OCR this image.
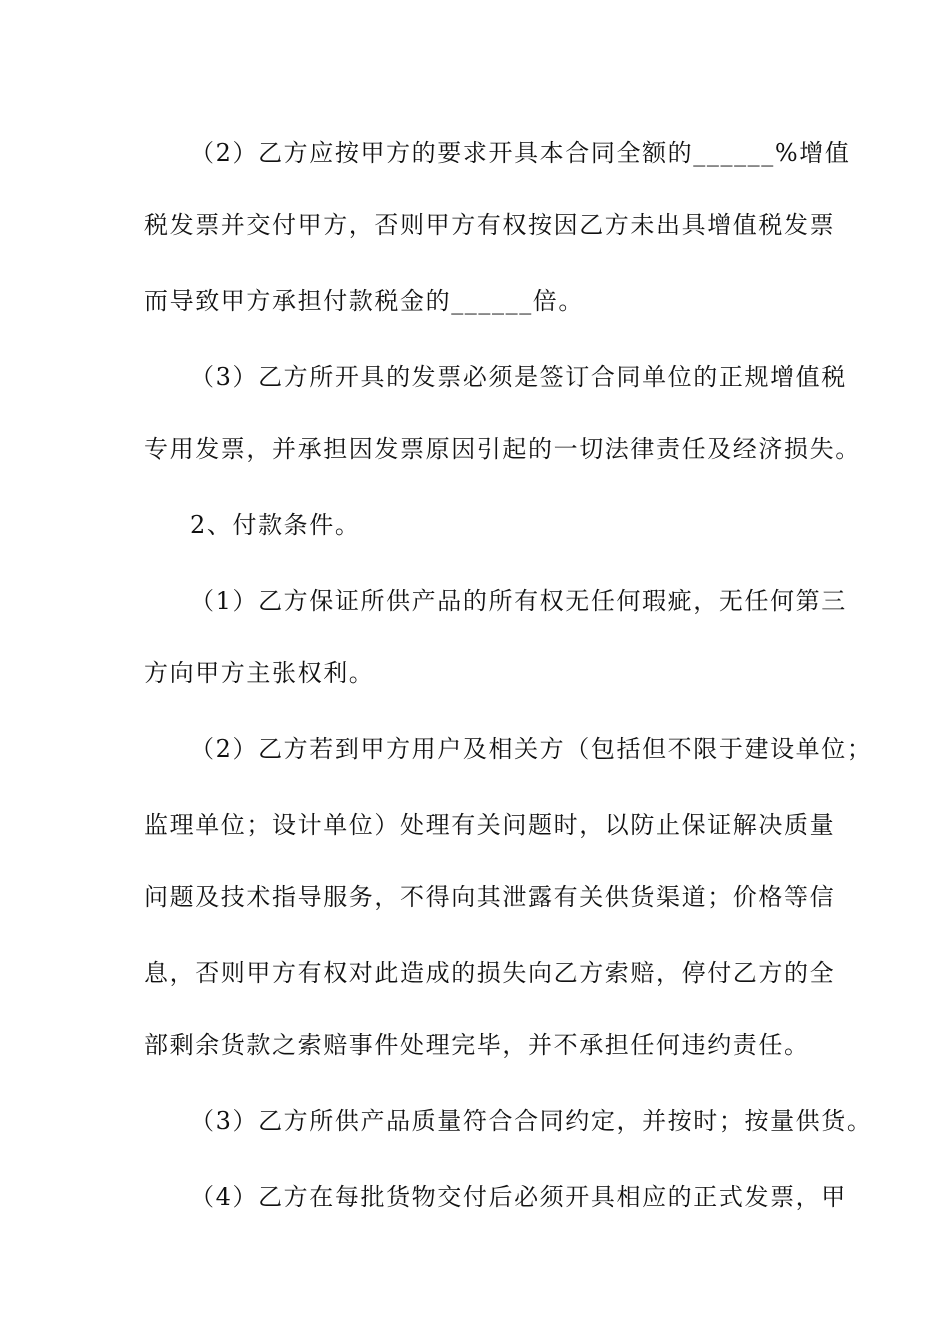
（2）乙方应按甲方的要求开具本合同全额的______%增值
税发票并交付甲方，否则甲方有权按因乙方未出具增值税发票
而导致甲方承担付款税金的______倍。
（3）乙方所开具的发票必须是签订合同单位的正规增值税
专用发票，并承担因发票原因引起的一切法律责任及经济损失。
2、付款条件。
（1）乙方保证所供产品的所有权无任何瑕疵，无任何第三
方向甲方主张权利。
（2）乙方若到甲方用户及相关方（包括但不限于建设单位；
监理单位；设计单位）处理有关问题时，以防止保证解决质量
问题及技术指导服务，不得向其泄露有关供货渠道；价格等信
息，否则甲方有权对此造成的损失向乙方索赔，停付乙方的全
部剩余货款之索赔事件处理完毕，并不承担任何违约责任。
（3）乙方所供产品质量符合合同约定，并按时；按量供货。
（4）乙方在每批货物交付后必须开具相应的正式发票，甲
